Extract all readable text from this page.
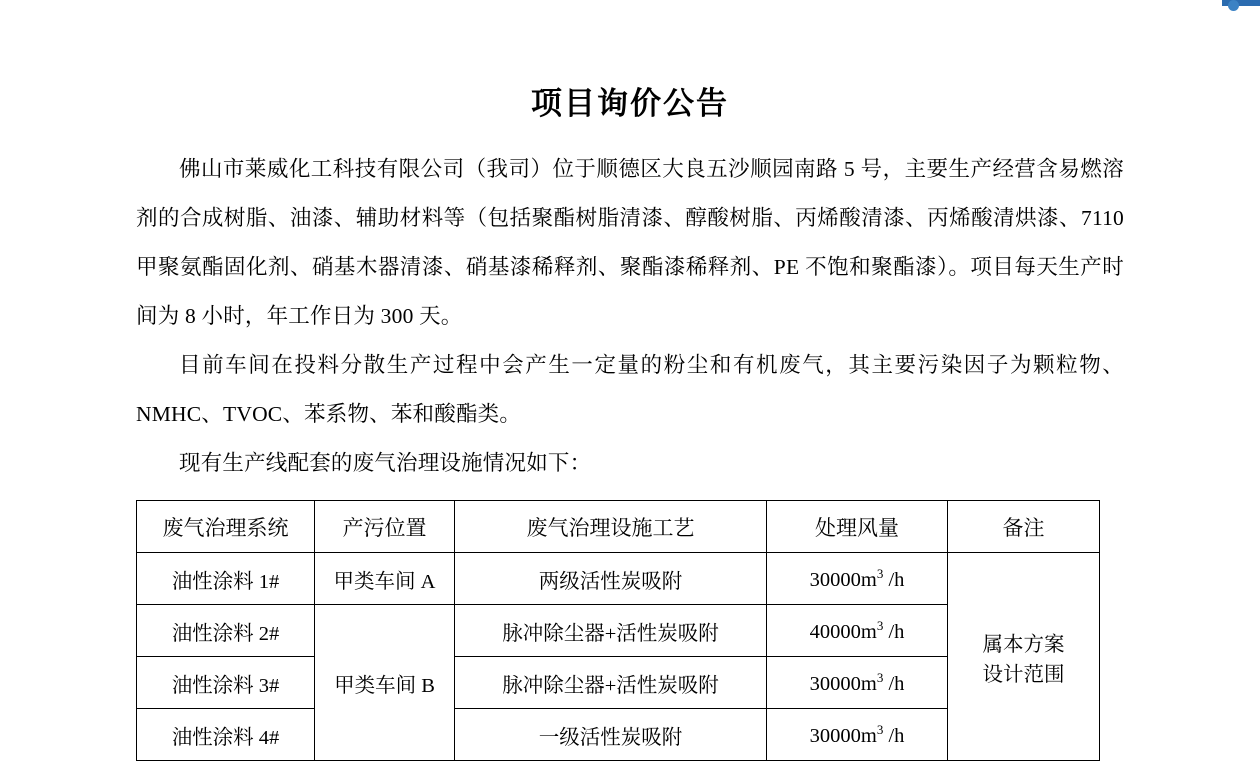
项目询价公告

佛山市莱威化工科技有限公司（我司）位于顺德区大良五沙顺园南路 5 号，主要生产经营含易燃溶剂的合成树脂、油漆、辅助材料等（包括聚酯树脂清漆、醇酸树脂、丙烯酸清漆、丙烯酸清烘漆、7110 甲聚氨酯固化剂、硝基木器清漆、硝基漆稀释剂、聚酯漆稀释剂、PE 不饱和聚酯漆）。项目每天生产时间为 8 小时，年工作日为 300 天。

目前车间在投料分散生产过程中会产生一定量的粉尘和有机废气，其主要污染因子为颗粒物、NMHC、TVOC、苯系物、苯和酸酯类。

现有生产线配套的废气治理设施情况如下：

废气治理系统	产污位置	废气治理设施工艺	处理风量	备注
油性涂料 1#	甲类车间 A	两级活性炭吸附	$30000m^3$ /h	属本方案
设计范围

油性涂料 2#	甲类车间 B	脉冲除尘器+活性炭吸附	$40000m^3$ /h	
油性涂料 3#		脉冲除尘器+活性炭吸附	$30000m^3$ /h	
油性涂料 4#		一级活性炭吸附	$30000m^3$ /h	
